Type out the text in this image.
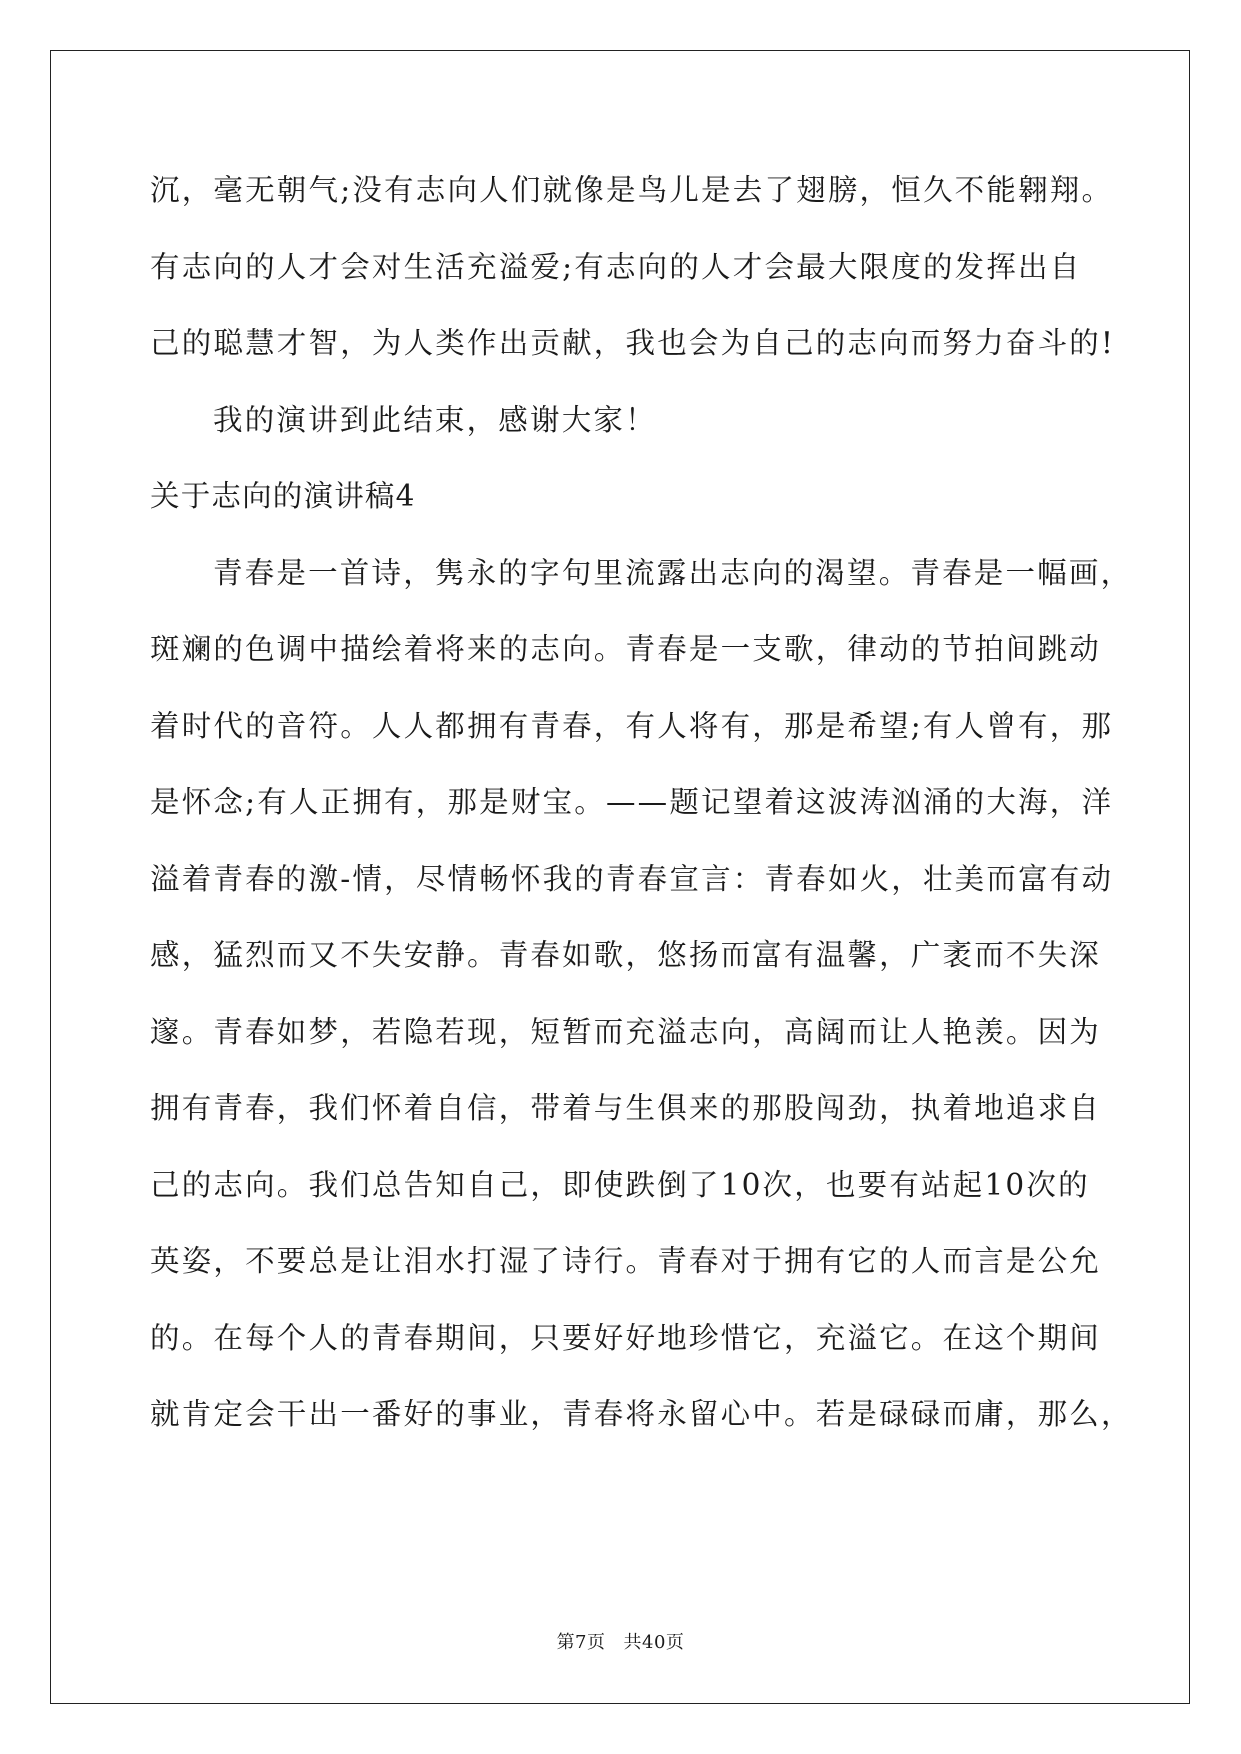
沉，毫无朝气;没有志向人们就像是鸟儿是去了翅膀，恒久不能翱翔。
有志向的人才会对生活充溢爱;有志向的人才会最大限度的发挥出自
己的聪慧才智，为人类作出贡献，我也会为自己的志向而努力奋斗的!
我的演讲到此结束，感谢大家！
关于志向的演讲稿4
青春是一首诗，隽永的字句里流露出志向的渴望。青春是一幅画，
斑斓的色调中描绘着将来的志向。青春是一支歌，律动的节拍间跳动
着时代的音符。人人都拥有青春，有人将有，那是希望;有人曾有，那
是怀念;有人正拥有，那是财宝。——题记望着这波涛汹涌的大海，洋
溢着青春的激-情，尽情畅怀我的青春宣言：青春如火，壮美而富有动
感，猛烈而又不失安静。青春如歌，悠扬而富有温馨，广袤而不失深
邃。青春如梦，若隐若现，短暂而充溢志向，高阔而让人艳羡。因为
拥有青春，我们怀着自信，带着与生俱来的那股闯劲，执着地追求自
己的志向。我们总告知自己，即使跌倒了10次，也要有站起10次的
英姿，不要总是让泪水打湿了诗行。青春对于拥有它的人而言是公允
的。在每个人的青春期间，只要好好地珍惜它，充溢它。在这个期间
就肯定会干出一番好的事业，青春将永留心中。若是碌碌而庸，那么，
第7页 共40页
